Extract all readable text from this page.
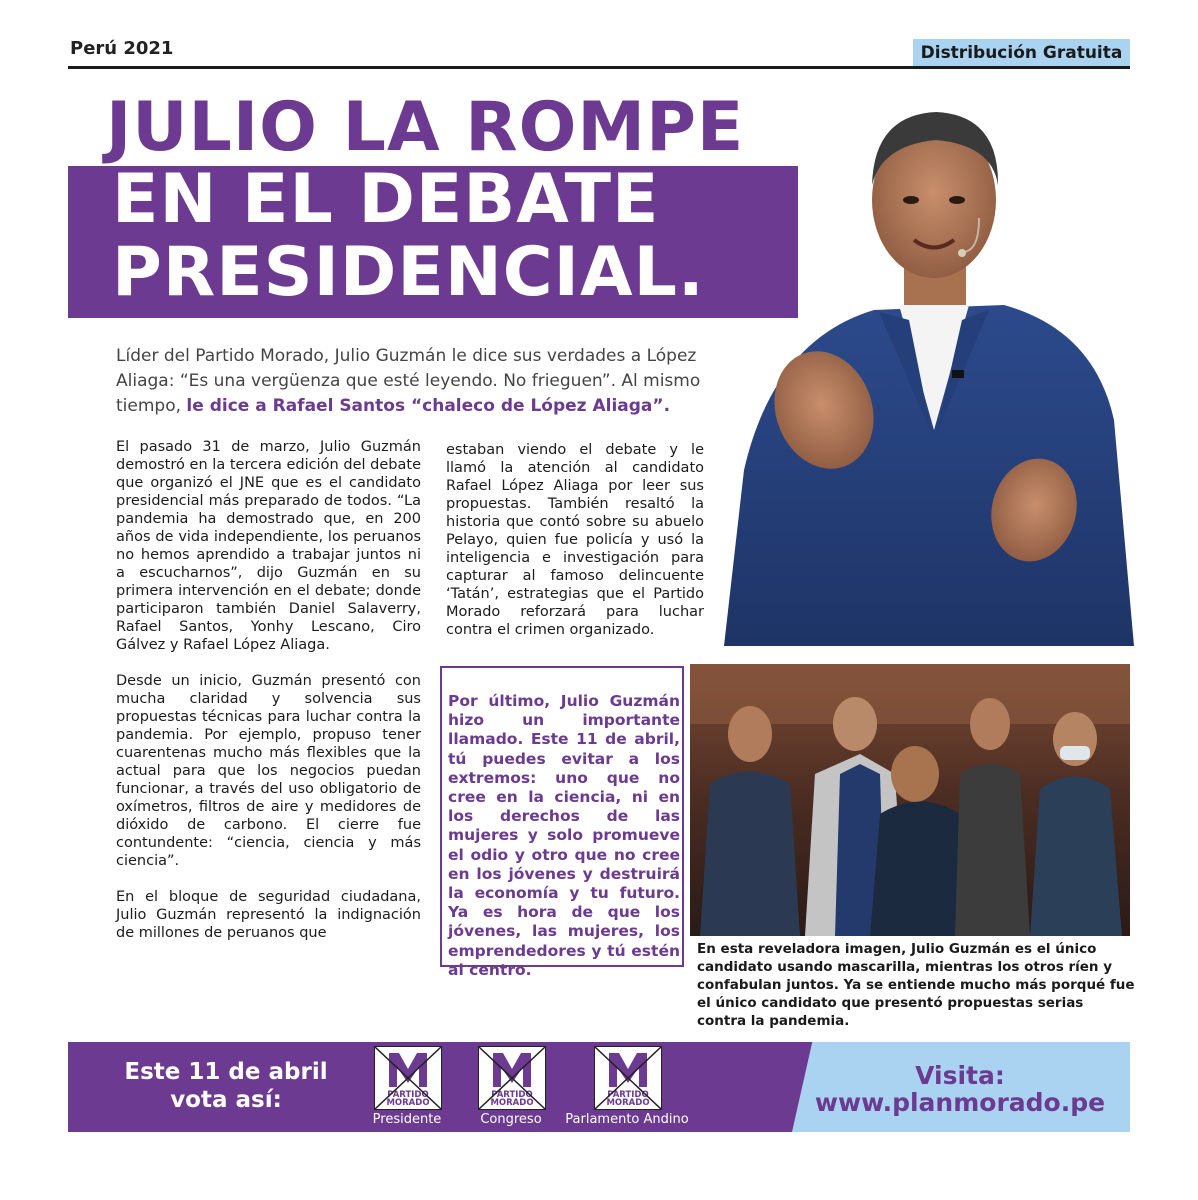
Perú 2021	Distribución Gratuita
JULIO LA ROMPE
EN EL DEBATE
PRESIDENCIAL.
Líder del Partido Morado, Julio Guzmán le dice sus verdades a López Aliaga: “Es una vergüenza que esté leyendo. No frieguen”. Al mismo tiempo, le dice a Rafael Santos “chaleco de López Aliaga”.

El pasado 31 de marzo, Julio Guzmán demostró en la tercera edición del debate que organizó el JNE que es el candidato presidencial más preparado de todos. “La pandemia ha demostrado que, en 200 años de vida independiente, los peruanos no hemos aprendido a trabajar juntos ni a escucharnos”, dijo Guzmán en su primera intervención en el debate; donde participaron también Daniel Salaverry, Rafael Santos, Yonhy Lescano, Ciro Gálvez y Rafael López Aliaga.

Desde un inicio, Guzmán presentó con mucha claridad y solvencia sus propuestas técnicas para luchar contra la pandemia. Por ejemplo, propuso tener cuarentenas mucho más flexibles que la actual para que los negocios puedan funcionar, a través del uso obligatorio de oxímetros, filtros de aire y medidores de dióxido de carbono. El cierre fue contundente: “ciencia, ciencia y más ciencia”.

En el bloque de seguridad ciudadana, Julio Guzmán representó la indignación de millones de peruanos que

estaban viendo el debate y le llamó la atención al candidato Rafael López Aliaga por leer sus propuestas. También resaltó la historia que contó sobre su abuelo Pelayo, quien fue policía y usó la inteligencia e investigación para capturar al famoso delincuente ‘Tatán’, estrategias que el Partido Morado reforzará para luchar contra el crimen organizado.

Por último, Julio Guzmán hizo un importante llamado. Este 11 de abril, tú puedes evitar a los extremos: uno que no cree en la ciencia, ni en los derechos de las mujeres y solo promueve el odio y otro que no cree en los jóvenes y destruirá la economía y tu futuro. Ya es hora de que los jóvenes, las mujeres, los emprendedores y tú estén al centro.
En esta reveladora imagen, Julio Guzmán es el único candidato usando mascarilla, mientras los otros ríen y confabulan juntos. Ya se entiende mucho más porqué fue el único candidato que presentó propuestas serias contra la pandemia.
Este 11 de abril
vota así:	PARTIDO
MORADO
Presidente
PARTIDO
MORADO
Congreso
PARTIDO
MORADO
Parlamento Andino
Visita:
www.planmorado.pe
